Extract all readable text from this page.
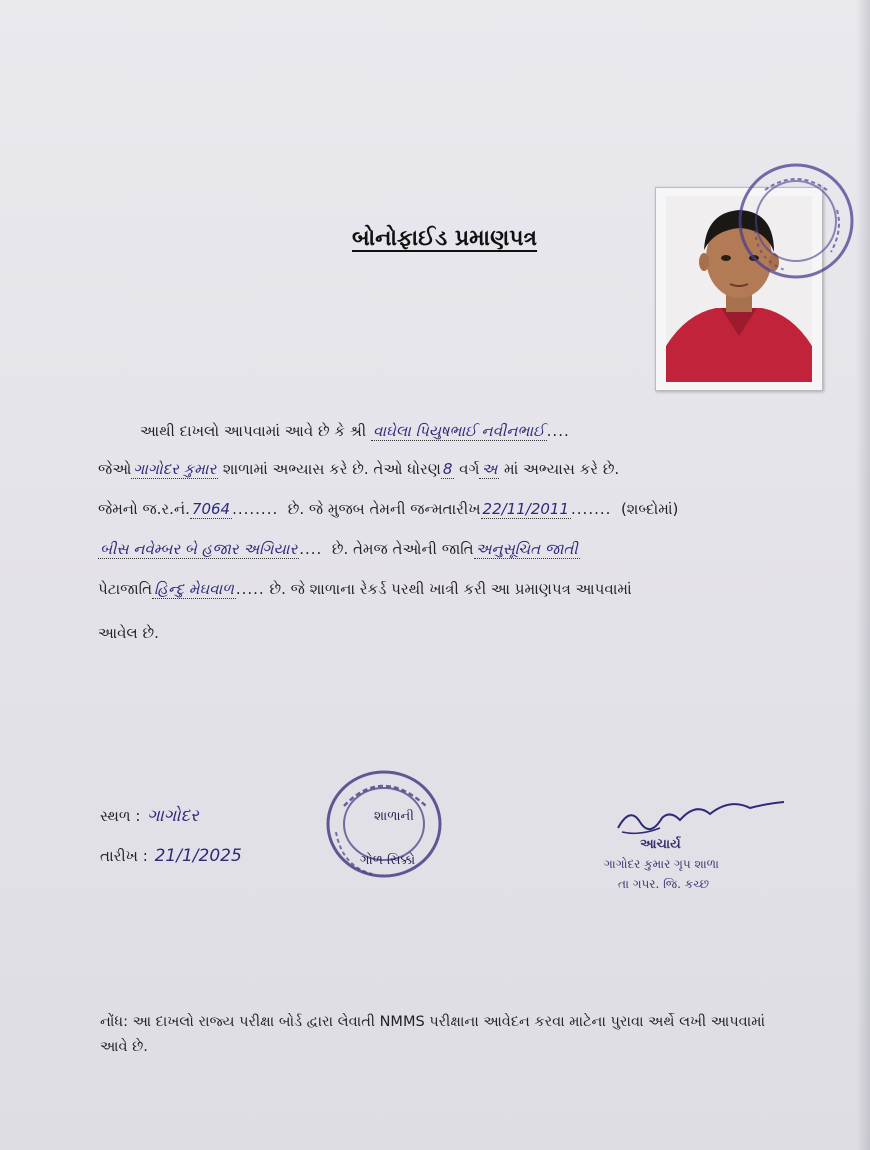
બોનોફાઈડ પ્રમાણપત્ર
આથી દાખલો આપવામાં આવે છે કે શ્રી વાઘેલા પિયુષભાઈ નવીનભાઈ ....
જેઓ ગાગોદર કુમાર શાળામાં અભ્યાસ કરે છે. તેઓ ધોરણ 8 વર્ગ અ માં અભ્યાસ કરે છે.
જેમનો જ.ર.નં. 7064 ........ છે. જે મુજબ તેમની જન્મતારીખ 22/11/2011 ....... (શબ્દોમાં)
બીસ નવેમ્બર બે હજાર અગિયાર .... છે. તેમજ તેઓની જાતિ અનુસૂચિત જાતી
પેટાજાતિ હિન્દુ મેઘવાળ ..... છે. જે શાળાના રેકર્ડ પરથી ખાત્રી કરી આ પ્રમાણપત્ર આપવામાં
આવેલ છે.
સ્થળ : ગાગોદર
તારીખ : 21/1/2025
શાળાની
ગોળ સિક્કો
આચાર્ય
ગાગોદર કુમાર ગૃપ શાળા
તા ગપર. જિ. કચ્છ
નોંધ: આ દાખલો રાજ્ય પરીક્ષા બોર્ડ દ્વારા લેવાતી NMMS પરીક્ષાના આવેદન કરવા માટેના પુરાવા અર્થે લખી આપવામાં આવે છે.
